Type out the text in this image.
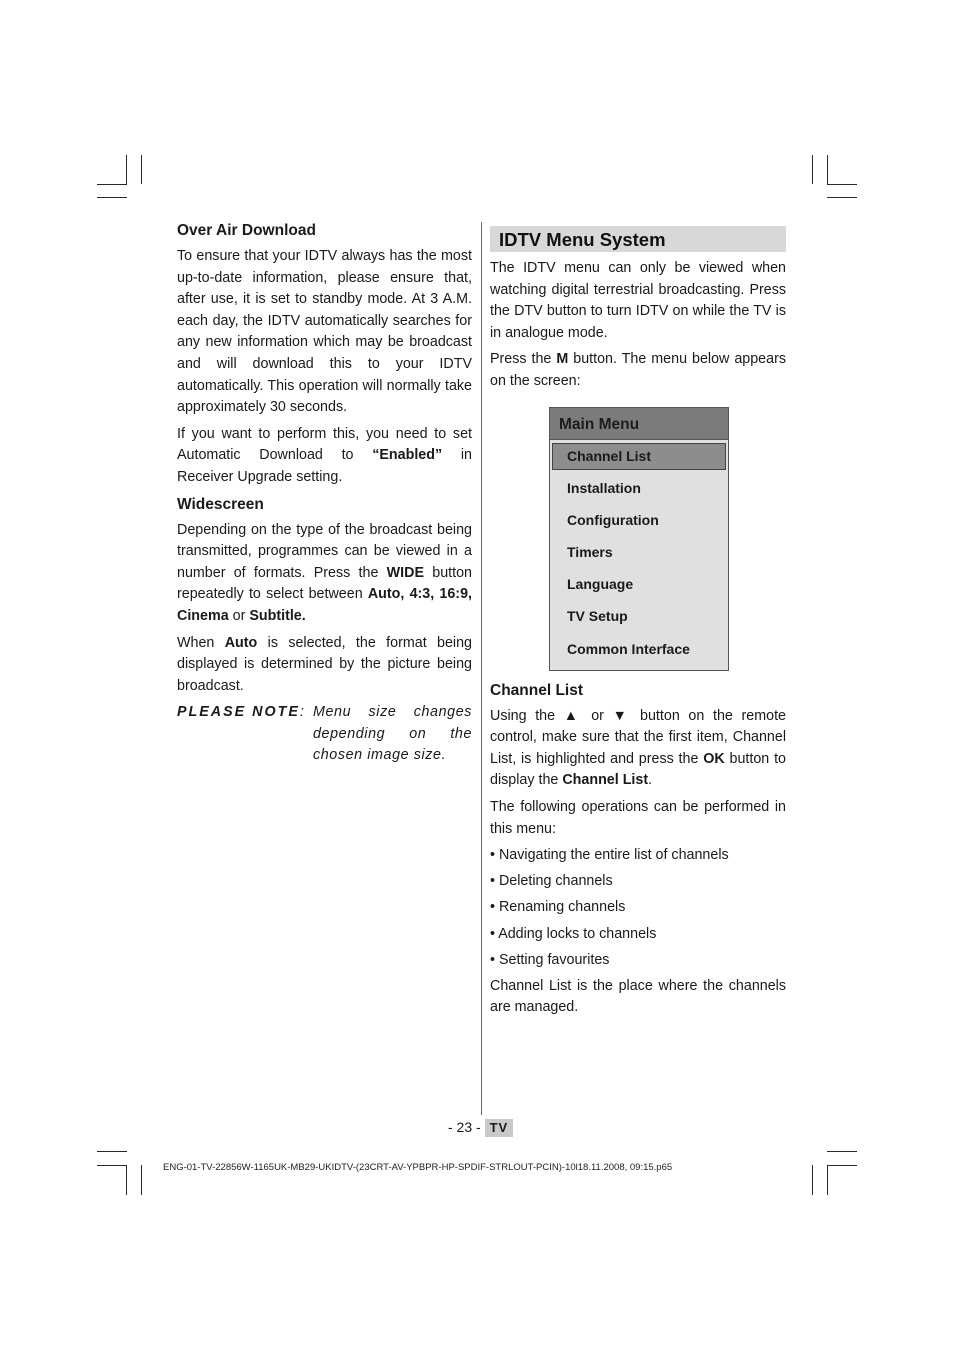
Over Air Download

To ensure that your IDTV always has the most up-to-date information, please ensure that, after use, it is set to standby mode. At 3 A.M. each day, the IDTV automatically searches for any new information which may be broadcast and will download this to your IDTV automatically. This operation will normally take approximately 30 seconds.

If you want to perform this, you need to set Automatic Download to “Enabled” in Receiver Upgrade setting.

Widescreen

Depending on the type of the broadcast being transmitted, programmes can be viewed in a number of formats. Press the WIDE button repeatedly to select between Auto, 4:3, 16:9, Cinema or Subtitle.

When Auto is selected, the format being displayed is determined by the picture being broadcast.

PLEASE NOTE: Menu size changes
depending on the
chosen image size.
IDTV Menu System

The IDTV menu can only be viewed when watching digital terrestrial broadcasting. Press the DTV button to turn IDTV on while the TV is in analogue mode.

Press the M button. The menu below appears on the screen:

Main Menu
Channel List
Installation
Configuration
Timers
Language
TV Setup
Common Interface
Channel List

Using the ▲ or ▼ button on the remote control, make sure that the first item, Channel List, is highlighted and press the OK button to display the Channel List.

The following operations can be performed in this menu:

• Navigating the entire list of channels
• Deleting channels
• Renaming channels
• Adding locks to channels
• Setting favourites

Channel List is the place where the channels are managed.

- 23 - TV
ENG-01-TV-22856W-1165UK-MB29-UKIDTV-(23CRT-AV-YPBPR-HP-SPDIF-STRLOUT-PCIN)-10l18.11.2008, 09:15.p65
